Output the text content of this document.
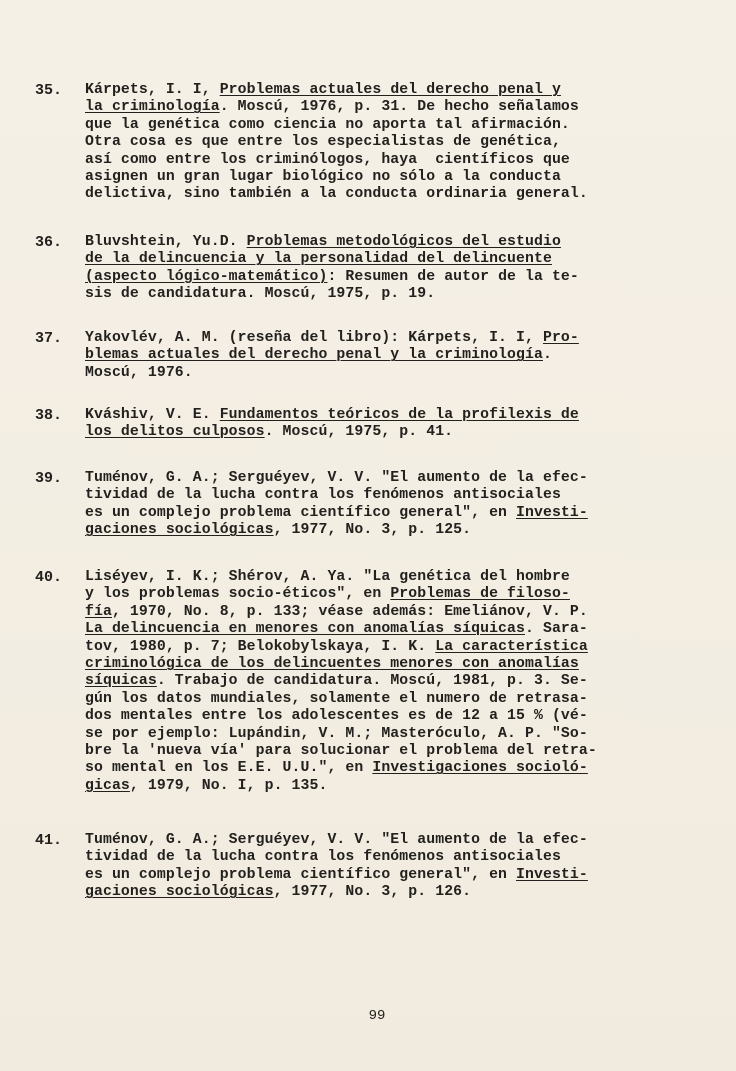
35.	Kárpets, I. I, Problemas actuales del derecho penal y
la criminología. Moscú, 1976, p. 31. De hecho señalamos
que la genética como ciencia no aporta tal afirmación.
Otra cosa es que entre los especialistas de genética,
así como entre los criminólogos, haya  científicos que
asignen un gran lugar biológico no sólo a la conducta
delictiva, sino también a la conducta ordinaria general.
36.	Bluvshtein, Yu.D. Problemas metodológicos del estudio
de la delincuencia y la personalidad del delincuente
(aspecto lógico-matemático): Resumen de autor de la te-
sis de candidatura. Moscú, 1975, p. 19.
37.	Yakovlév, A. M. (reseña del libro): Kárpets, I. I, Pro-
blemas actuales del derecho penal y la criminología.
Moscú, 1976.
38.	Kváshiv, V. E. Fundamentos teóricos de la profilexis de
los delitos culposos. Moscú, 1975, p. 41.
39.	Tuménov, G. A.; Serguéyev, V. V. "El aumento de la efec-
tividad de la lucha contra los fenómenos antisociales
es un complejo problema científico general", en Investi-
gaciones sociológicas, 1977, No. 3, p. 125.
40.	Liséyev, I. K.; Shérov, A. Ya. "La genética del hombre
y los problemas socio-éticos", en Problemas de filoso-
fía, 1970, No. 8, p. 133; véase además: Emeliánov, V. P.
La delincuencia en menores con anomalías síquicas. Sara-
tov, 1980, p. 7; Belokobylskaya, I. K. La característica
criminológica de los delincuentes menores con anomalías
síquicas. Trabajo de candidatura. Moscú, 1981, p. 3. Se-
gún los datos mundiales, solamente el numero de retrasa-
dos mentales entre los adolescentes es de 12 a 15 % (vé-
se por ejemplo: Lupándin, V. M.; Masteróculo, A. P. "So-
bre la 'nueva vía' para solucionar el problema del retra-
so mental en los E.E. U.U.", en Investigaciones socioló-
gicas, 1979, No. I, p. 135.
41.	Tuménov, G. A.; Serguéyev, V. V. "El aumento de la efec-
tividad de la lucha contra los fenómenos antisociales
es un complejo problema científico general", en Investi-
gaciones sociológicas, 1977, No. 3, p. 126.
99
